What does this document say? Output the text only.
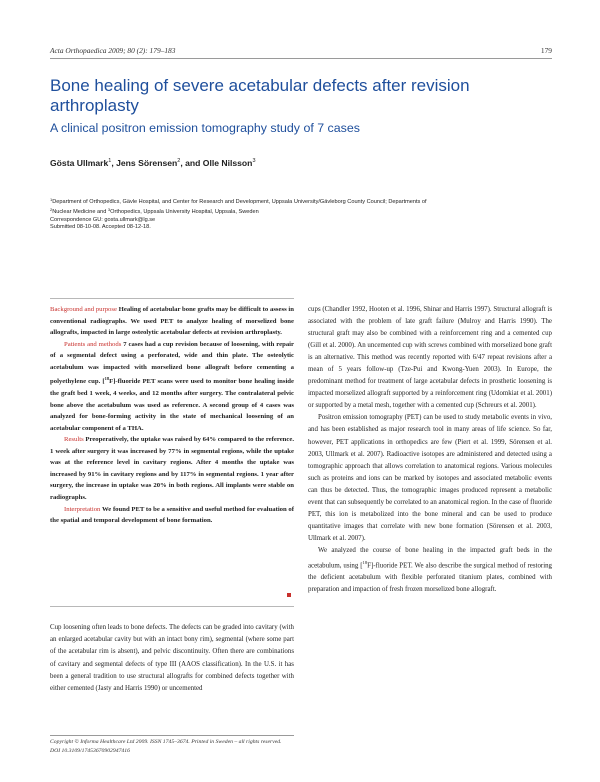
Acta Orthopaedica 2009; 80 (2): 179–183	179
Bone healing of severe acetabular defects after revision arthroplasty
A clinical positron emission tomography study of 7 cases
Gösta Ullmark$^1$, Jens Sörensen$^2$, and Olle Nilsson$^3$
$^1$Department of Orthopedics, Gävle Hospital, and Center for Research and Development, Uppsala University/Gävleborg County Council; Departments of
$^2$Nuclear Medicine and $^3$Orthopedics, Uppsala University Hospital, Uppsala, Sweden
Correspondence GU: gosta.ullmark@lg.se
Submitted 08-10-08. Accepted 08-12-18.

Background and purpose Healing of acetabular bone grafts may be difficult to assess in conventional radiographs. We used PET to analyze healing of morselized bone allografts, impacted in large osteolytic acetabular defects at revision arthroplasty.

Patients and methods 7 cases had a cup revision because of loosening, with repair of a segmental defect using a perforated, wide and thin plate. The osteolytic acetabulum was impacted with morselized bone allograft before cementing a polyethylene cup. [$^{18}$F]-fluoride PET scans were used to monitor bone healing inside the graft bed 1 week, 4 weeks, and 12 months after surgery. The contralateral pelvic bone above the acetabulum was used as reference. A second group of 4 cases was analyzed for bone-forming activity in the state of mechanical loosening of an acetabular component of a THA.

Results Preoperatively, the uptake was raised by 64% compared to the reference. 1 week after surgery it was increased by 77% in segmental regions, while the uptake was at the reference level in cavitary regions. After 4 months the uptake was increased by 91% in cavitary regions and by 117% in segmental regions. 1 year after surgery, the increase in uptake was 20% in both regions. All implants were stable on radiographs.

Interpretation We found PET to be a sensitive and useful method for evaluation of the spatial and temporal development of bone formation.

Cup loosening often leads to bone defects. The defects can be graded into cavitary (with an enlarged acetabular cavity but with an intact bony rim), segmental (where some part of the acetabular rim is absent), and pelvic discontinuity. Often there are combinations of cavitary and segmental defects of type III (AAOS classification). In the U.S. it has been a general tradition to use structural allografts for combined defects together with either cemented (Jasty and Harris 1990) or uncemented

cups (Chandler 1992, Hooten et al. 1996, Shinar and Harris 1997). Structural allograft is associated with the problem of late graft failure (Mulroy and Harris 1990). The structural graft may also be combined with a reinforcement ring and a cemented cup (Gill et al. 2000). An uncemented cup with screws combined with morselized bone graft is an alternative. This method was recently reported with 6/47 repeat revisions after a mean of 5 years follow-up (Tze-Pui and Kwong-Yuen 2003). In Europe, the predominant method for treatment of large acetabular defects in prosthetic loosening is impacted morselized allograft supported by a reinforcement ring (Udomkiat et al. 2001) or supported by a metal mesh, together with a cemented cup (Schreurs et al. 2001).

Positron emission tomography (PET) can be used to study metabolic events in vivo, and has been established as major research tool in many areas of life science. So far, however, PET applications in orthopedics are few (Piert et al. 1999, Sörensen et al. 2003, Ullmark et al. 2007). Radioactive isotopes are administered and detected using a tomographic approach that allows correlation to anatomical regions. Various molecules such as proteins and ions can be marked by isotopes and associated metabolic events can thus be detected. Thus, the tomographic images produced represent a metabolic event that can subsequently be correlated to an anatomical region. In the case of fluoride PET, this ion is metabolized into the bone mineral and can be used to produce quantitative images that correlate with new bone formation (Sörensen et al. 2003, Ullmark et al. 2007).

We analyzed the course of bone healing in the impacted graft beds in the acetabulum, using [$^{18}$F]-fluoride PET. We also describe the surgical method of restoring the deficient acetabulum with flexible perforated titanium plates, combined with preparation and impaction of fresh frozen morselized bone allograft.

Copyright © Informa Healthcare Ltd 2009. ISSN 1745–3674. Printed in Sweden – all rights reserved.
DOI 10.3109/17453670902947416
